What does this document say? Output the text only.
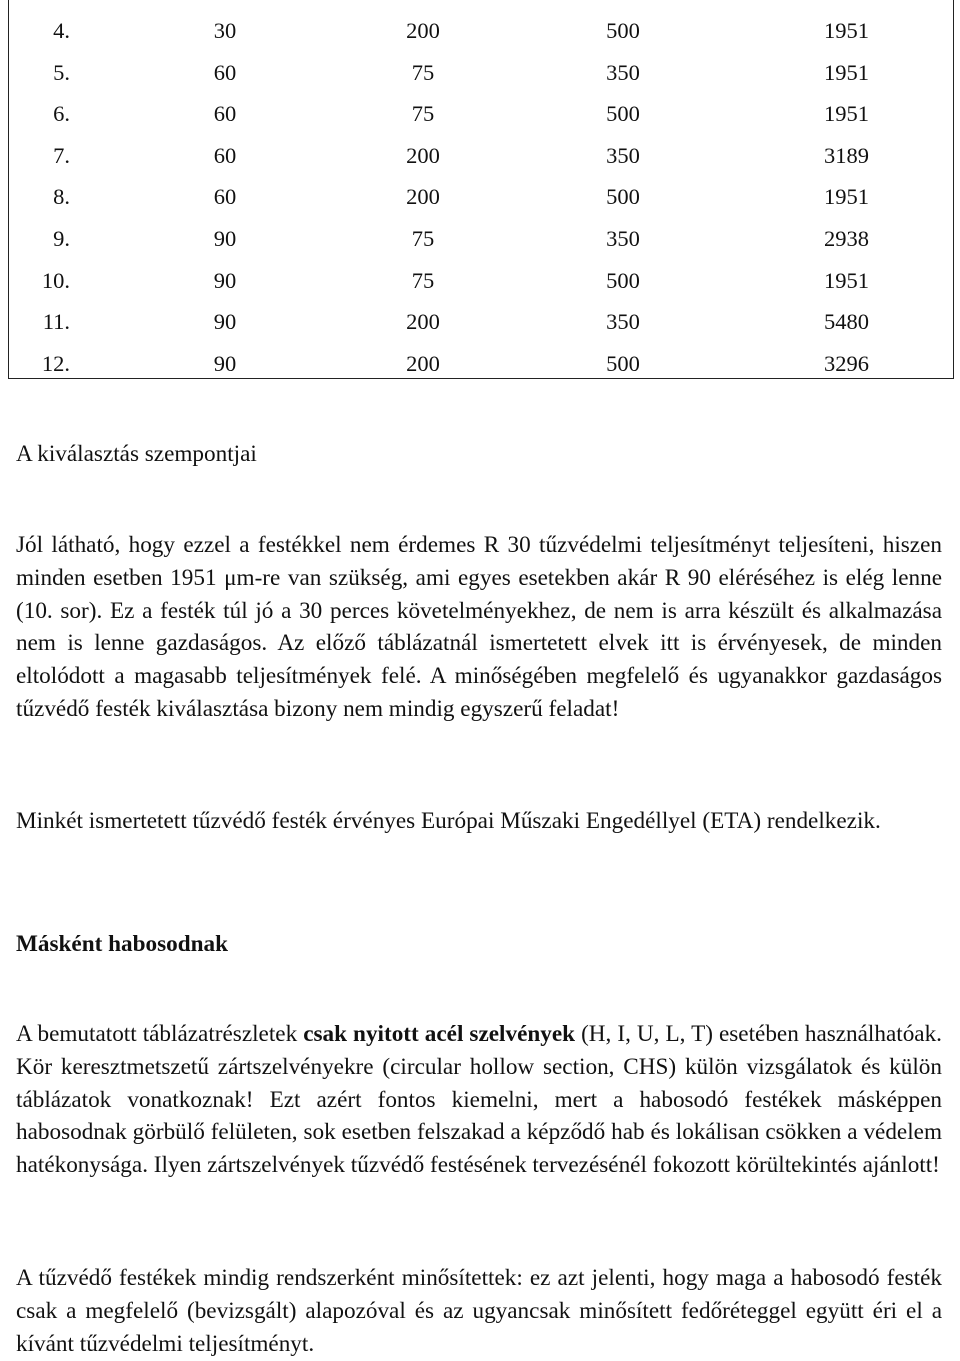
4.	30	200	500	1951
5.	60	75	350	1951
6.	60	75	500	1951
7.	60	200	350	3189
8.	60	200	500	1951
9.	90	75	350	2938
10.	90	75	500	1951
11.	90	200	350	5480
12.	90	200	500	3296
A kiválasztás szempontjai

Jól látható, hogy ezzel a festékkel nem érdemes R 30 tűzvédelmi teljesítményt teljesíteni, hiszen minden esetben 1951 μm-re van szükség, ami egyes esetekben akár R 90 eléréséhez is elég lenne (10. sor). Ez a festék túl jó a 30 perces követelményekhez, de nem is arra készült és alkalmazása nem is lenne gazdaságos. Az előző táblázatnál ismertetett elvek itt is érvényesek, de minden eltolódott a magasabb teljesítmények felé. A minőségében megfelelő és ugyanakkor gazdaságos tűzvédő festék kiválasztása bizony nem mindig egyszerű feladat!

Minkét ismertetett tűzvédő festék érvényes Európai Műszaki Engedéllyel (ETA) rendelkezik.

Másként habosodnak

A bemutatott táblázatrészletek csak nyitott acél szelvények (H, I, U, L, T) esetében használhatóak. Kör keresztmetszetű zártszelvényekre (circular hollow section, CHS) külön vizsgálatok és külön táblázatok vonatkoznak! Ezt azért fontos kiemelni, mert a habosodó festékek másképpen habosodnak görbülő felületen, sok esetben felszakad a képződő hab és lokálisan csökken a védelem hatékonysága. Ilyen zártszelvények tűzvédő festésének tervezésénél fokozott körültekintés ajánlott!

A tűzvédő festékek mindig rendszerként minősítettek: ez azt jelenti, hogy maga a habosodó festék csak a megfelelő (bevizsgált) alapozóval és az ugyancsak minősített fedőréteggel együtt éri el a kívánt tűzvédelmi teljesítményt.
